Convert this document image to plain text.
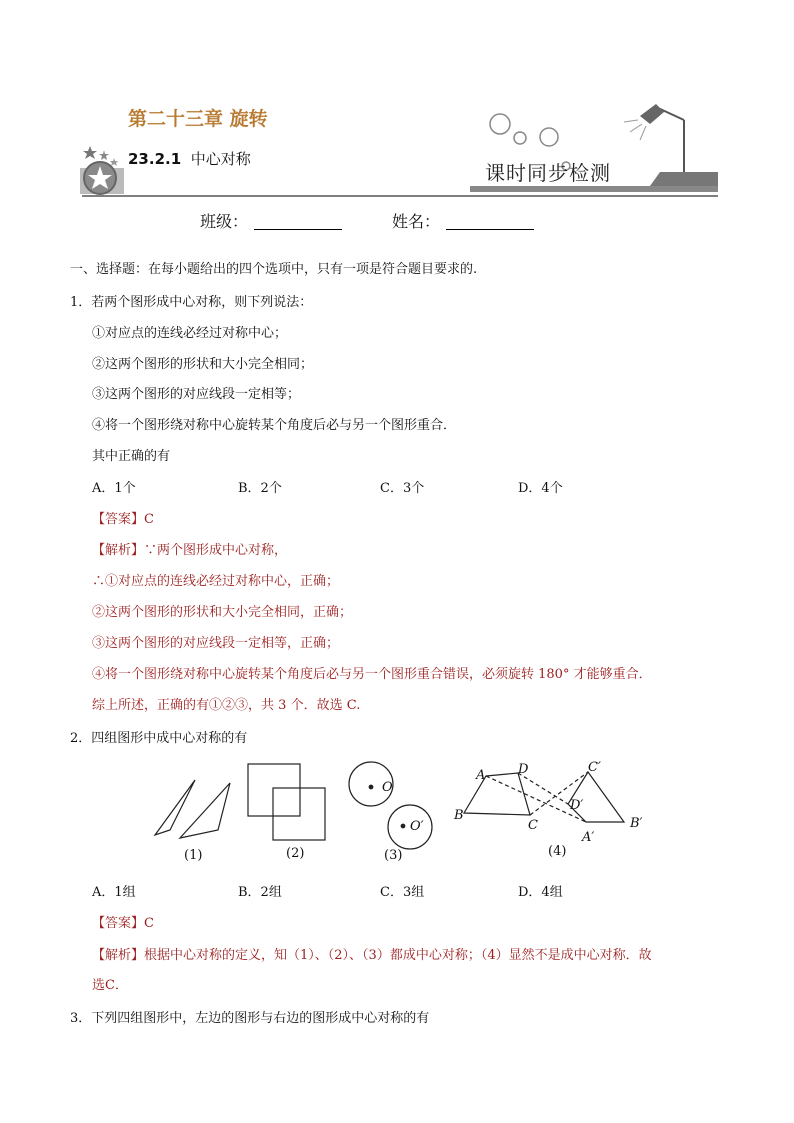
第二十三章 旋转
23.2.1 中心对称
课时同步检测
班级：	姓名：
一、选择题：在每小题给出的四个选项中，只有一项是符合题目要求的.
1．若两个图形成中心对称，则下列说法：
①对应点的连线必经过对称中心；
②这两个图形的形状和大小完全相同；
③这两个图形的对应线段一定相等；
④将一个图形绕对称中心旋转某个角度后必与另一个图形重合．
其中正确的有
A．1个	B．2个	C．3个	D．4个
【答案】C
【解析】∵两个图形成中心对称，
∴①对应点的连线必经过对称中心，正确；
②这两个图形的形状和大小完全相同，正确；
③这两个图形的对应线段一定相等，正确；
④将一个图形绕对称中心旋转某个角度后必与另一个图形重合错误，必须旋转 180° 才能够重合．
综上所述，正确的有①②③，共 3 个．故选 C.
2．四组图形中成中心对称的有
O
O′
A	D
B
C
C′
D′
B′
A′
(1)	(2)	(3)	(4)
A．1组	B．2组	C．3组	D．4组
【答案】C
【解析】根据中心对称的定义，知（1）、（2）、（3）都成中心对称；（4）显然不是成中心对称．故
选C．
3．下列四组图形中，左边的图形与右边的图形成中心对称的有
